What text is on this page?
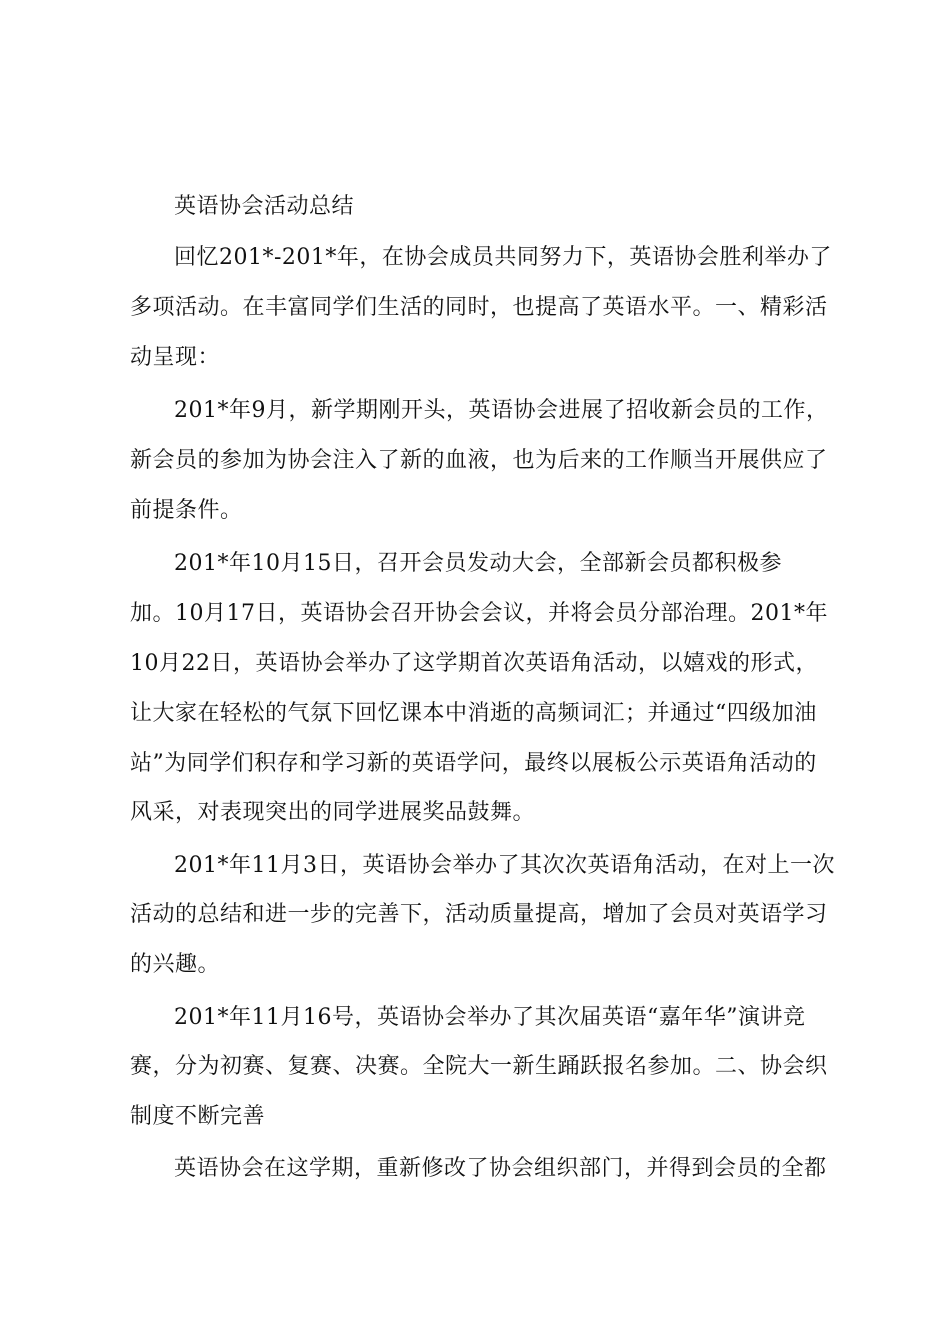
英语协会活动总结
回忆201*-201*年，在协会成员共同努力下，英语协会胜利举办了
多项活动。在丰富同学们生活的同时，也提高了英语水平。一、精彩活
动呈现：
201*年9月，新学期刚开头，英语协会进展了招收新会员的工作，
新会员的参加为协会注入了新的血液，也为后来的工作顺当开展供应了
前提条件。
201*年10月15日，召开会员发动大会，全部新会员都积极参
加。10月17日，英语协会召开协会会议，并将会员分部治理。201*年
10月22日，英语协会举办了这学期首次英语角活动，以嬉戏的形式，
让大家在轻松的气氛下回忆课本中消逝的高频词汇；并通过“四级加油
站”为同学们积存和学习新的英语学问，最终以展板公示英语角活动的
风采，对表现突出的同学进展奖品鼓舞。
201*年11月3日，英语协会举办了其次次英语角活动，在对上一次
活动的总结和进一步的完善下，活动质量提高，增加了会员对英语学习
的兴趣。
201*年11月16号，英语协会举办了其次届英语“嘉年华”演讲竞
赛，分为初赛、复赛、决赛。全院大一新生踊跃报名参加。二、协会织
制度不断完善
英语协会在这学期，重新修改了协会组织部门，并得到会员的全都
